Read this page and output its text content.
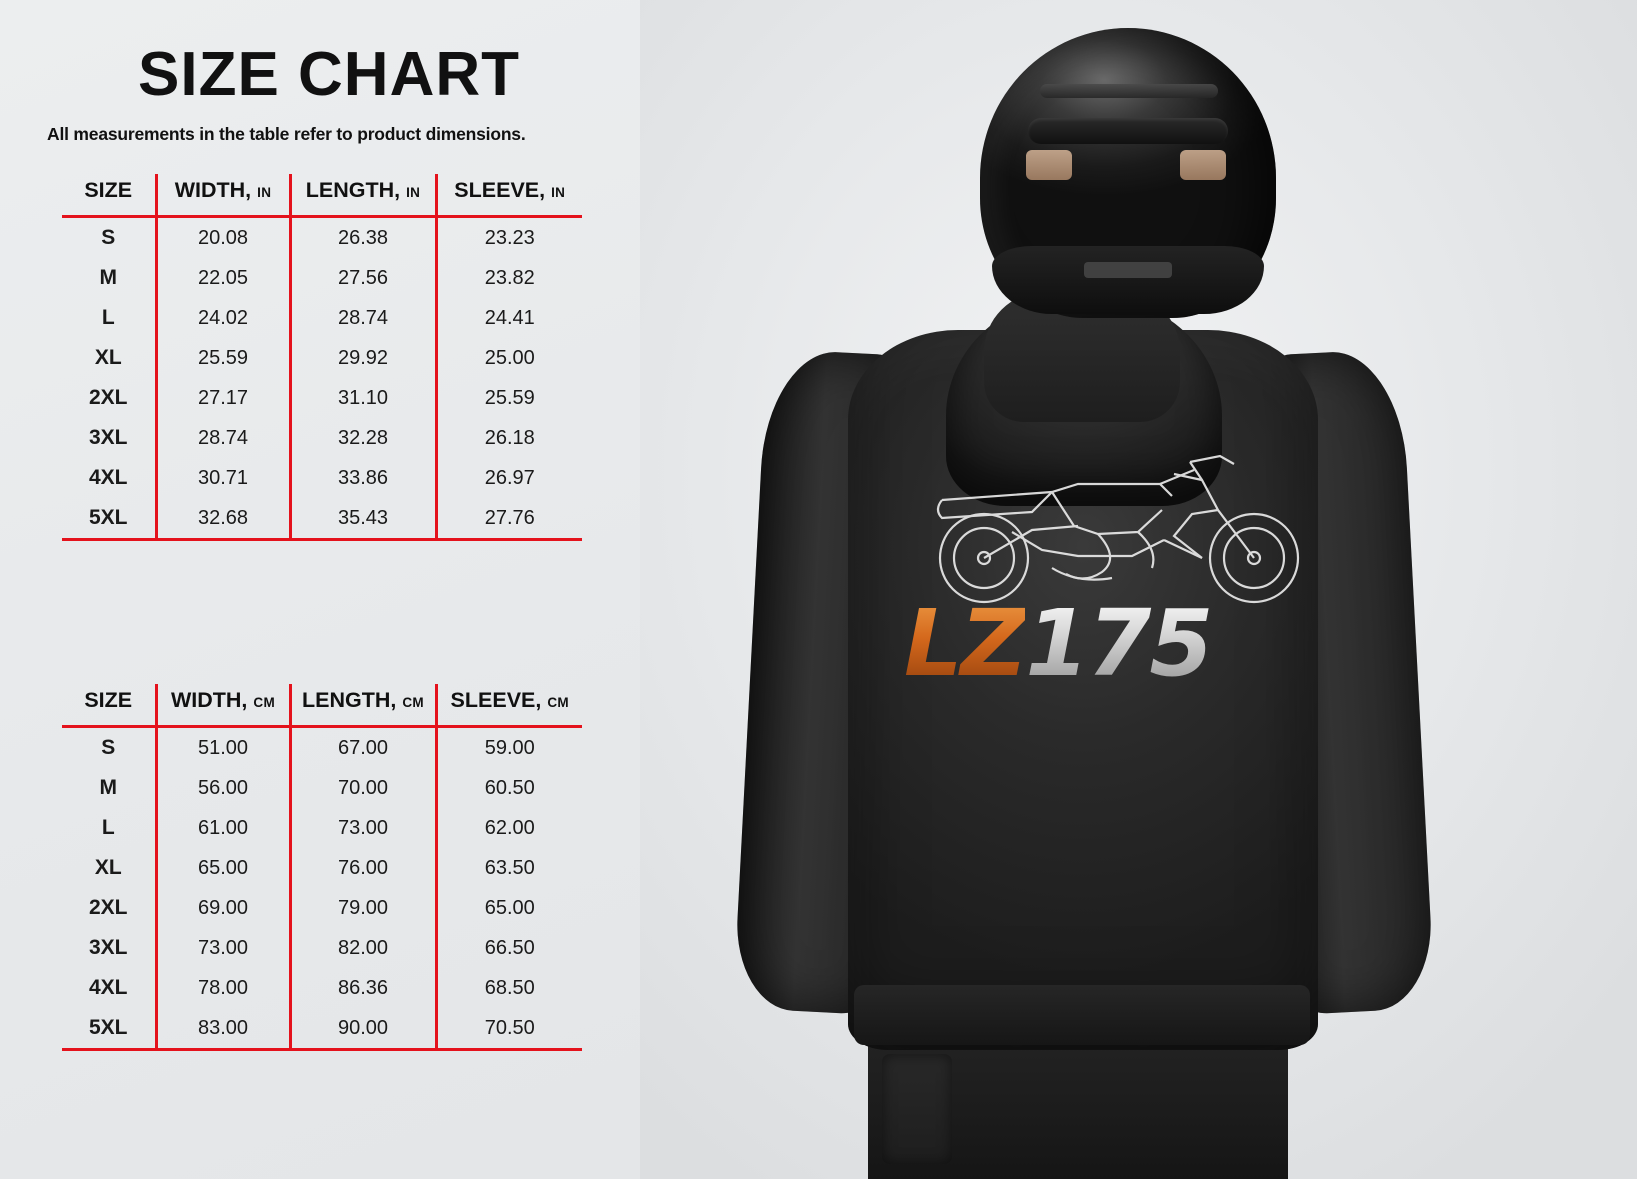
SIZE CHART
All measurements in the table refer to product dimensions.
SIZE	WIDTH, IN	LENGTH, IN	SLEEVE, IN
S	20.08	26.38	23.23
M	22.05	27.56	23.82
L	24.02	28.74	24.41
XL	25.59	29.92	25.00
2XL	27.17	31.10	25.59
3XL	28.74	32.28	26.18
4XL	30.71	33.86	26.97
5XL	32.68	35.43	27.76
SIZE	WIDTH, CM	LENGTH, CM	SLEEVE, CM
S	51.00	67.00	59.00
M	56.00	70.00	60.50
L	61.00	73.00	62.00
XL	65.00	76.00	63.50
2XL	69.00	79.00	65.00
3XL	73.00	82.00	66.50
4XL	78.00	86.36	68.50
5XL	83.00	90.00	70.50
LZ175
